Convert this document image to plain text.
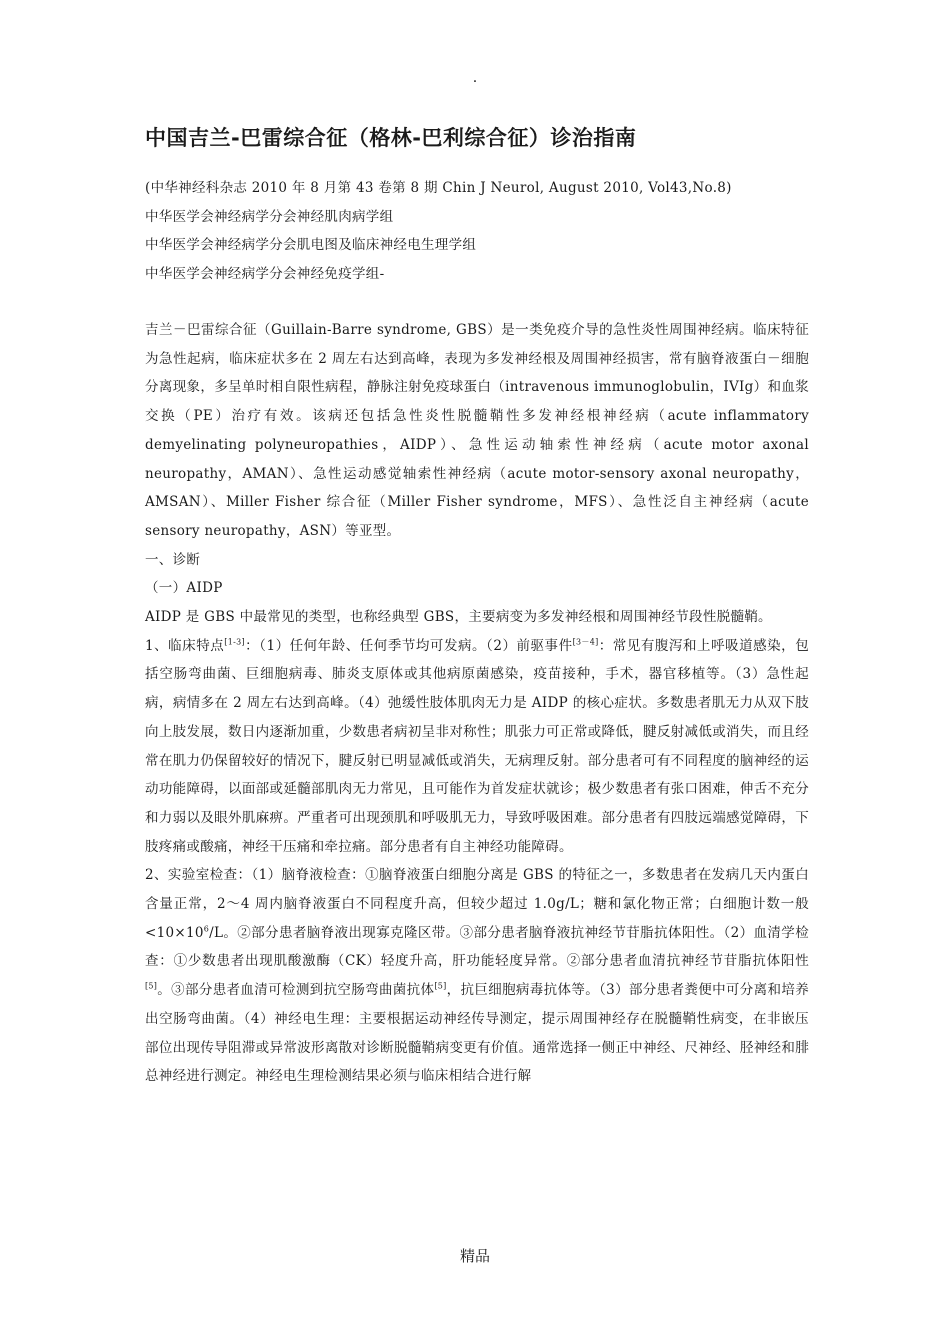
.
中国吉兰-巴雷综合征（格林-巴利综合征）诊治指南
(中华神经科杂志 2010 年 8 月第 43 卷第 8 期 Chin J Neurol, August 2010, Vol43,No.8)
中华医学会神经病学分会神经肌肉病学组
中华医学会神经病学分会肌电图及临床神经电生理学组
中华医学会神经病学分会神经免疫学组-

吉兰－巴雷综合征（Guillain-Barre syndrome, GBS）是一类免疫介导的急性炎性周围神经病。临床特征为急性起病，临床症状多在 2 周左右达到高峰，表现为多发神经根及周围神经损害，常有脑脊液蛋白－细胞分离现象，多呈单时相自限性病程，静脉注射免疫球蛋白（intravenous immunoglobulin，IVIg）和血浆交换（PE）治疗有效。该病还包括急性炎性脱髓鞘性多发神经根神经病（acute inflammatory demyelinating polyneuropathies，AIDP）、急性运动轴索性神经病（acute motor axonal neuropathy，AMAN）、急性运动感觉轴索性神经病（acute motor-sensory axonal neuropathy，AMSAN）、Miller Fisher 综合征（Miller Fisher syndrome，MFS）、急性泛自主神经病（acute sensory neuropathy，ASN）等亚型。

一、诊断

（一）AIDP

AIDP 是 GBS 中最常见的类型，也称经典型 GBS，主要病变为多发神经根和周围神经节段性脱髓鞘。

1、临床特点[1-3]：（1）任何年龄、任何季节均可发病。（2）前驱事件[3－4]：常见有腹泻和上呼吸道感染，包括空肠弯曲菌、巨细胞病毒、肺炎支原体或其他病原菌感染，疫苗接种，手术，器官移植等。（3）急性起病，病情多在 2 周左右达到高峰。（4）弛缓性肢体肌肉无力是 AIDP 的核心症状。多数患者肌无力从双下肢向上肢发展，数日内逐渐加重，少数患者病初呈非对称性；肌张力可正常或降低，腱反射减低或消失，而且经常在肌力仍保留较好的情况下，腱反射已明显减低或消失，无病理反射。部分患者可有不同程度的脑神经的运动功能障碍，以面部或延髓部肌肉无力常见，且可能作为首发症状就诊；极少数患者有张口困难，伸舌不充分和力弱以及眼外肌麻痹。严重者可出现颈肌和呼吸肌无力，导致呼吸困难。部分患者有四肢远端感觉障碍，下肢疼痛或酸痛，神经干压痛和牵拉痛。部分患者有自主神经功能障碍。

2、实验室检查：（1）脑脊液检查：①脑脊液蛋白细胞分离是 GBS 的特征之一，多数患者在发病几天内蛋白含量正常，2～4 周内脑脊液蛋白不同程度升高，但较少超过 1.0g/L；糖和氯化物正常；白细胞计数一般$<10\times 10^6/L$。②部分患者脑脊液出现寡克隆区带。③部分患者脑脊液抗神经节苷脂抗体阳性。（2）血清学检查：①少数患者出现肌酸激酶（CK）轻度升高，肝功能轻度异常。②部分患者血清抗神经节苷脂抗体阳性[5]。③部分患者血清可检测到抗空肠弯曲菌抗体[5]，抗巨细胞病毒抗体等。（3）部分患者粪便中可分离和培养出空肠弯曲菌。（4）神经电生理：主要根据运动神经传导测定，提示周围神经存在脱髓鞘性病变，在非嵌压部位出现传导阻滞或异常波形离散对诊断脱髓鞘病变更有价值。通常选择一侧正中神经、尺神经、胫神经和腓总神经进行测定。神经电生理检测结果必须与临床相结合进行解

精品
